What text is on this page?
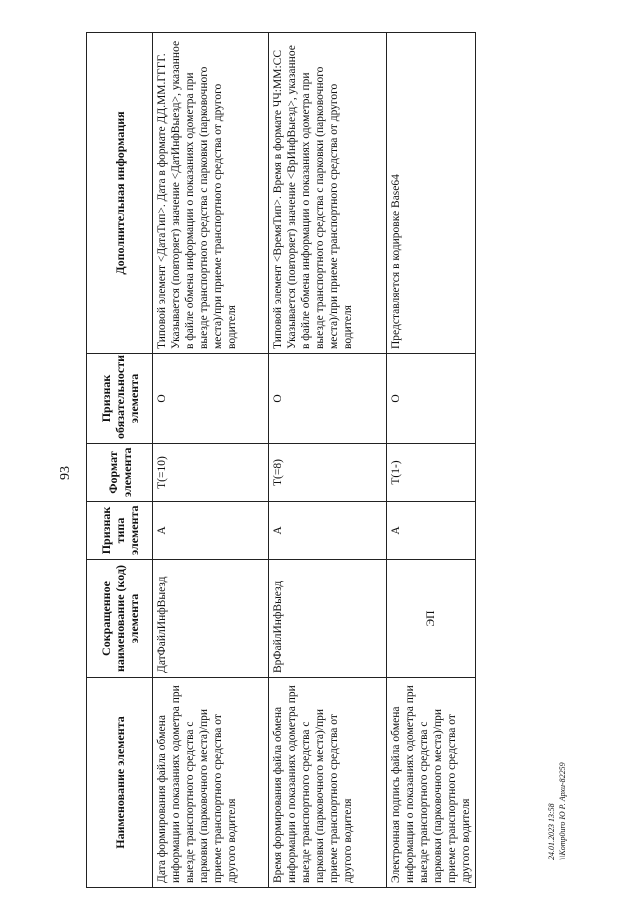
93
Наименование элемента	Сокращенное наименование (код) элемента	Признак типа элемента	Формат элемента	Признак обязательности элемента	Дополнительная информация
Дата формирования файла обмена информации о показаниях одометра при выезде транспортного средства с парковки (парковочного места)/при приеме транспортного средства от другого водителя	ДатФайлИнфВыезд	А	Т(=10)	О	Типовой элемент <ДатаТип>. Дата в формате ДД.ММ.ГГГГ. Указывается (повторяет) значение <ДатИнфВыезд>, указанное в файле обмена информации о показаниях одометра при выезде транспортного средства с парковки (парковочного места)/при приеме транспортного средства от другого водителя
Время формирования файла обмена информации о показаниях одометра при выезде транспортного средства с парковки (парковочного места)/при приеме транспортного средства от другого водителя	ВрФайлИнфВыезд	А	Т(=8)	О	Типовой элемент <ВремяТип>. Время в формате ЧЧ:ММ:СС Указывается (повторяет) значение <ВрИнфВыезд>, указанное в файле обмена информации о показаниях одометра при выезде транспортного средства с парковки (парковочного места)/при приеме транспортного средства от другого водителя
Электронная подпись файла обмена информации о показаниях одометра при выезде транспортного средства с парковки (парковочного места)/при приеме транспортного средства от другого водителя	ЭП	А	Т(1-)	О	Представляется в кодировке Base64
24.01.2023 13:58 \\Komp0uro Ю Р. Архи-82259
